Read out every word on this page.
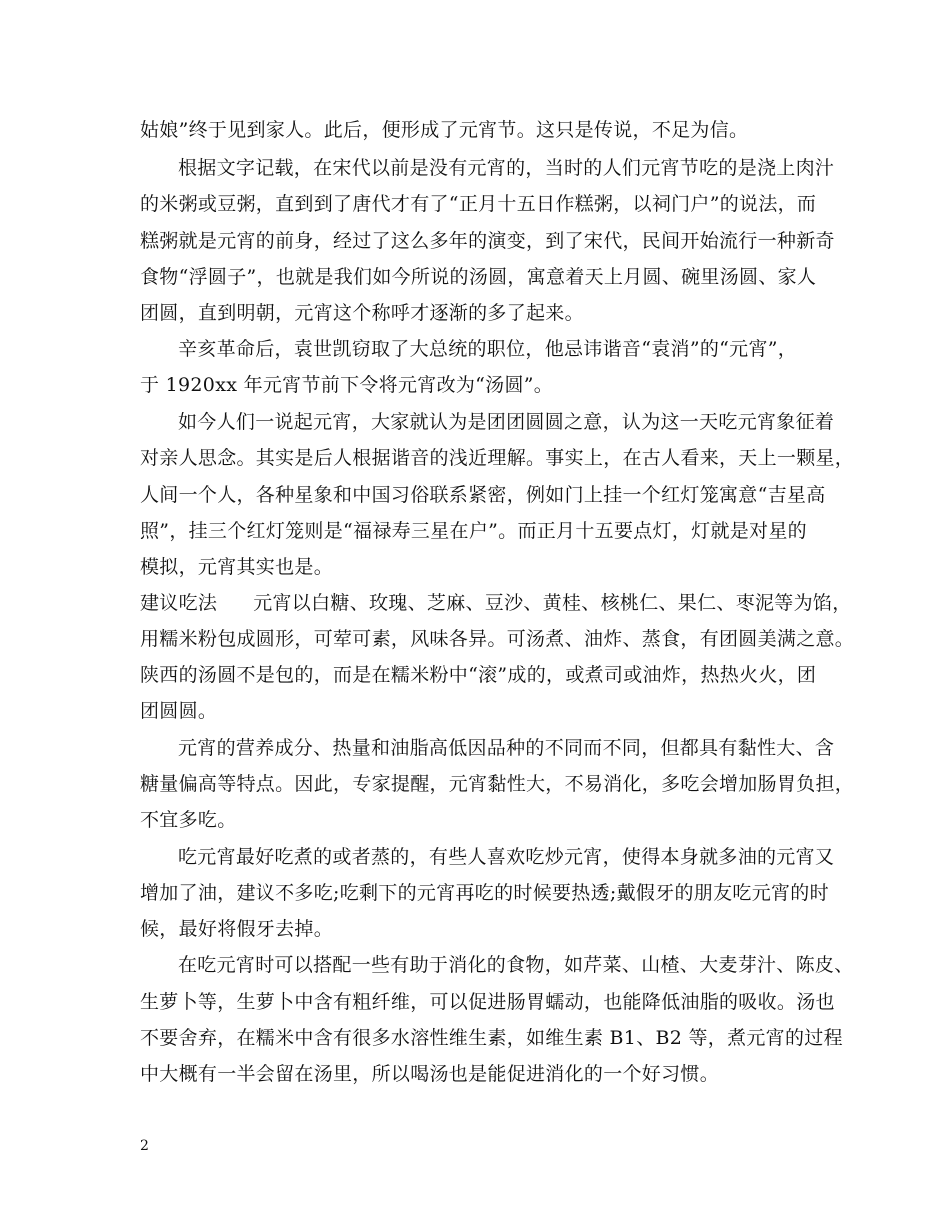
姑娘”终于见到家人。此后，便形成了元宵节。这只是传说，不足为信。
根据文字记载，在宋代以前是没有元宵的，当时的人们元宵节吃的是浇上肉汁
的米粥或豆粥，直到到了唐代才有了“正月十五日作糕粥，以祠门户”的说法，而
糕粥就是元宵的前身，经过了这么多年的演变，到了宋代，民间开始流行一种新奇
食物“浮圆子”，也就是我们如今所说的汤圆，寓意着天上月圆、碗里汤圆、家人
团圆，直到明朝，元宵这个称呼才逐渐的多了起来。
辛亥革命后，袁世凯窃取了大总统的职位，他忌讳谐音“袁消”的“元宵”，
于 1920xx 年元宵节前下令将元宵改为“汤圆”。
如今人们一说起元宵，大家就认为是团团圆圆之意，认为这一天吃元宵象征着
对亲人思念。其实是后人根据谐音的浅近理解。事实上，在古人看来，天上一颗星，
人间一个人，各种星象和中国习俗联系紧密，例如门上挂一个红灯笼寓意“吉星高
照”，挂三个红灯笼则是“福禄寿三星在户”。而正月十五要点灯，灯就是对星的
模拟，元宵其实也是。
建议吃法 元宵以白糖、玫瑰、芝麻、豆沙、黄桂、核桃仁、果仁、枣泥等为馅，
用糯米粉包成圆形，可荤可素，风味各异。可汤煮、油炸、蒸食，有团圆美满之意。
陕西的汤圆不是包的，而是在糯米粉中“滚”成的，或煮司或油炸，热热火火，团
团圆圆。
元宵的营养成分、热量和油脂高低因品种的不同而不同，但都具有黏性大、含
糖量偏高等特点。因此，专家提醒，元宵黏性大，不易消化，多吃会增加肠胃负担，
不宜多吃。
吃元宵最好吃煮的或者蒸的，有些人喜欢吃炒元宵，使得本身就多油的元宵又
增加了油，建议不多吃;吃剩下的元宵再吃的时候要热透;戴假牙的朋友吃元宵的时
候，最好将假牙去掉。
在吃元宵时可以搭配一些有助于消化的食物，如芹菜、山楂、大麦芽汁、陈皮、
生萝卜等，生萝卜中含有粗纤维，可以促进肠胃蠕动，也能降低油脂的吸收。汤也
不要舍弃，在糯米中含有很多水溶性维生素，如维生素 B1、B2 等，煮元宵的过程
中大概有一半会留在汤里，所以喝汤也是能促进消化的一个好习惯。
2
